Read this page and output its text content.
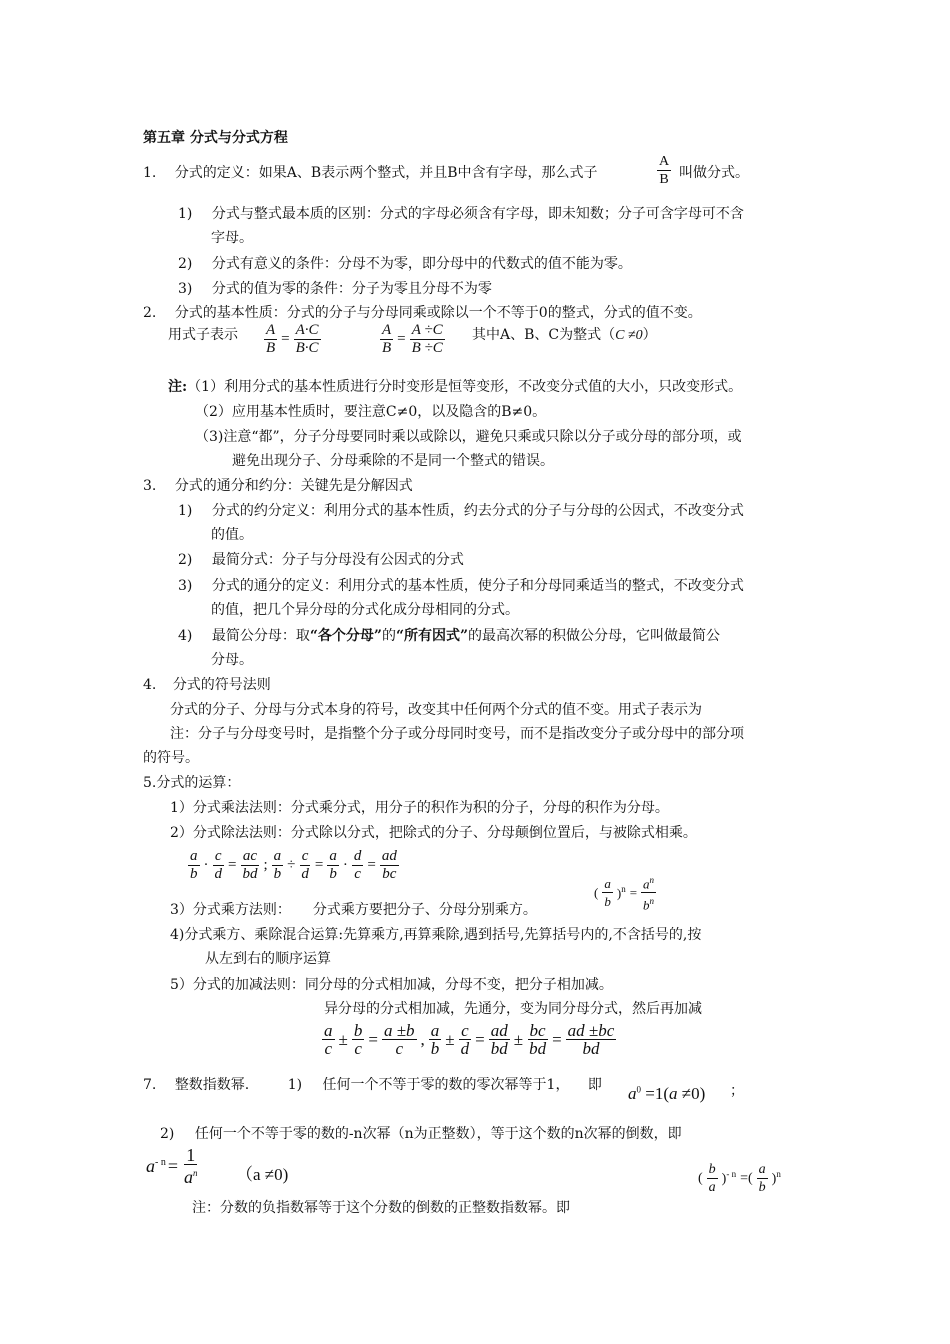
第五章 分式与分式方程
1. 分式的定义：如果A、B表示两个整式，并且B中含有字母，那么式子	$\frac{A}{B}$ 叫做分式。
1) 分式与整式最本质的区别：分式的字母必须含有字母，即未知数；分子可含字母可不含
字母。
2) 分式有意义的条件：分母不为零，即分母中的代数式的值不能为零。
3) 分式的值为零的条件：分子为零且分母不为零
2. 分式的基本性质：分式的分子与分母同乘或除以一个不等于0的整式，分式的值不变。
用式子表示 $\frac{A}{B} = \frac{A\cdot C}{B\cdot C}$	$\frac{A}{B} = \frac{A \div C}{B \div C}$ 其中A、B、C为整式（C ≠0）
注:（1）利用分式的基本性质进行分时变形是恒等变形，不改变分式值的大小，只改变形式。
（2）应用基本性质时，要注意C≠0，以及隐含的B≠0。
（3)注意“都”，分子分母要同时乘以或除以，避免只乘或只除以分子或分母的部分项，或
避免出现分子、分母乘除的不是同一个整式的错误。
3. 分式的通分和约分：关键先是分解因式
1) 分式的约分定义：利用分式的基本性质，约去分式的分子与分母的公因式，不改变分式
的值。
2) 最简分式：分子与分母没有公因式的分式
3) 分式的通分的定义：利用分式的基本性质，使分子和分母同乘适当的整式，不改变分式
的值，把几个异分母的分式化成分母相同的分式。
4) 最简公分母：取“各个分母”的“所有因式”的最高次幂的积做公分母，它叫做最简公
分母。
4. 分式的符号法则
分式的分子、分母与分式本身的符号，改变其中任何两个分式的值不变。用式子表示为
注：分子与分母变号时，是指整个分子或分母同时变号，而不是指改变分子或分母中的部分项
的符号。
5.分式的运算：
1）分式乘法法则：分式乘分式，用分子的积作为积的分子，分母的积作为分母。
2）分式除法法则：分式除以分式，把除式的分子、分母颠倒位置后，与被除式相乘。
$\frac{a}{b} \cdot \frac{c}{d} = \frac{ac}{bd}$ ; $\frac{a}{b} \div \frac{c}{d} = \frac{a}{b} \cdot \frac{d}{c} = \frac{ad}{bc}$
3）分式乘方法则： 分式乘方要把分子、分母分别乘方。
( $\frac{a}{b} )^n = \frac{a^n}{b^n}$
4)分式乘方、乘除混合运算:先算乘方,再算乘除,遇到括号,先算括号内的,不含括号的,按
从左到右的顺序运算
5）分式的加减法则：同分母的分式相加减，分母不变，把分子相加减。
异分母的分式相加减，先通分，变为同分母分式，然后再加减
$\frac{a}{c} \pm \frac{b}{c} = \frac{a \pm b}{c}$ , $\frac{a}{b} \pm \frac{c}{d} = \frac{ad}{bd} \pm \frac{bc}{bd} = \frac{ad \pm bc}{bd}$
7. 整数指数幂.	1) 任何一个不等于零的数的零次幂等于1， 即 $a^0 =1(a \ne 0)$ ；
2) 任何一个不等于零的数的-n次幂（n为正整数），等于这个数的n次幂的倒数，即
$a^{- n} = \frac{1}{a^n} (a \ne 0)$	( $\frac{b}{a} )^{- n}$ =( $\frac{a}{b} )^n$
注：分数的负指数幂等于这个分数的倒数的正整数指数幂。即
